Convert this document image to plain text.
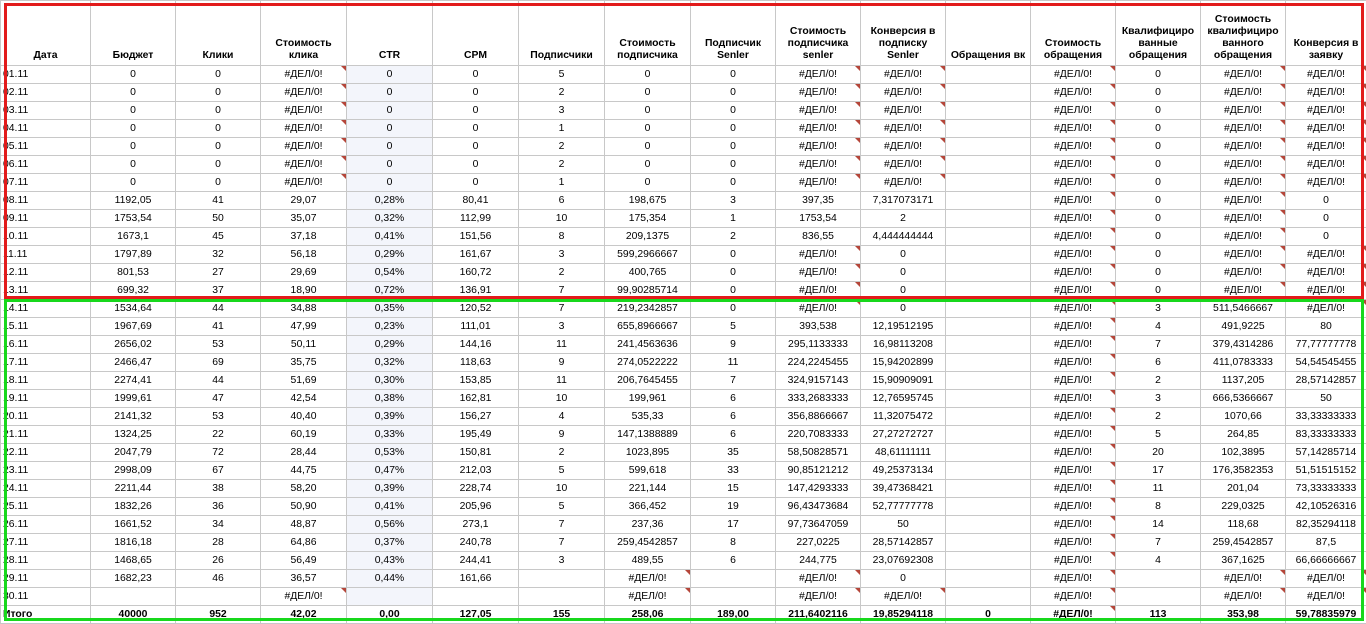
Дата	Бюджет	Клики	Стоимость клика	CTR	CPM	Подписчики	Стоимость подписчика	Подписчик Senler	Стоимость подписчика senler	Конверсия в подписку Senler	Обращения вк	Стоимость обращения	Квалифициро ванные обращения	Стоимость квалифициро ванного обращения	Конверсия в заявку
01.11	0	0	#ДЕЛ/0!	0	0	5	0	0	#ДЕЛ/0!	#ДЕЛ/0!		#ДЕЛ/0!	0	#ДЕЛ/0!	#ДЕЛ/0!
02.11	0	0	#ДЕЛ/0!	0	0	2	0	0	#ДЕЛ/0!	#ДЕЛ/0!		#ДЕЛ/0!	0	#ДЕЛ/0!	#ДЕЛ/0!
03.11	0	0	#ДЕЛ/0!	0	0	3	0	0	#ДЕЛ/0!	#ДЕЛ/0!		#ДЕЛ/0!	0	#ДЕЛ/0!	#ДЕЛ/0!
04.11	0	0	#ДЕЛ/0!	0	0	1	0	0	#ДЕЛ/0!	#ДЕЛ/0!		#ДЕЛ/0!	0	#ДЕЛ/0!	#ДЕЛ/0!
05.11	0	0	#ДЕЛ/0!	0	0	2	0	0	#ДЕЛ/0!	#ДЕЛ/0!		#ДЕЛ/0!	0	#ДЕЛ/0!	#ДЕЛ/0!
06.11	0	0	#ДЕЛ/0!	0	0	2	0	0	#ДЕЛ/0!	#ДЕЛ/0!		#ДЕЛ/0!	0	#ДЕЛ/0!	#ДЕЛ/0!
07.11	0	0	#ДЕЛ/0!	0	0	1	0	0	#ДЕЛ/0!	#ДЕЛ/0!		#ДЕЛ/0!	0	#ДЕЛ/0!	#ДЕЛ/0!
08.11	1192,05	41	29,07	0,28%	80,41	6	198,675	3	397,35	7,317073171		#ДЕЛ/0!	0	#ДЕЛ/0!	0
09.11	1753,54	50	35,07	0,32%	112,99	10	175,354	1	1753,54	2		#ДЕЛ/0!	0	#ДЕЛ/0!	0
10.11	1673,1	45	37,18	0,41%	151,56	8	209,1375	2	836,55	4,444444444		#ДЕЛ/0!	0	#ДЕЛ/0!	0
11.11	1797,89	32	56,18	0,29%	161,67	3	599,2966667	0	#ДЕЛ/0!	0		#ДЕЛ/0!	0	#ДЕЛ/0!	#ДЕЛ/0!
12.11	801,53	27	29,69	0,54%	160,72	2	400,765	0	#ДЕЛ/0!	0		#ДЕЛ/0!	0	#ДЕЛ/0!	#ДЕЛ/0!
13.11	699,32	37	18,90	0,72%	136,91	7	99,90285714	0	#ДЕЛ/0!	0		#ДЕЛ/0!	0	#ДЕЛ/0!	#ДЕЛ/0!
14.11	1534,64	44	34,88	0,35%	120,52	7	219,2342857	0	#ДЕЛ/0!	0		#ДЕЛ/0!	3	511,5466667	#ДЕЛ/0!
15.11	1967,69	41	47,99	0,23%	111,01	3	655,8966667	5	393,538	12,19512195		#ДЕЛ/0!	4	491,9225	80
16.11	2656,02	53	50,11	0,29%	144,16	11	241,4563636	9	295,1133333	16,98113208		#ДЕЛ/0!	7	379,4314286	77,77777778
17.11	2466,47	69	35,75	0,32%	118,63	9	274,0522222	11	224,2245455	15,94202899		#ДЕЛ/0!	6	411,0783333	54,54545455
18.11	2274,41	44	51,69	0,30%	153,85	11	206,7645455	7	324,9157143	15,90909091		#ДЕЛ/0!	2	1137,205	28,57142857
19.11	1999,61	47	42,54	0,38%	162,81	10	199,961	6	333,2683333	12,76595745		#ДЕЛ/0!	3	666,5366667	50
20.11	2141,32	53	40,40	0,39%	156,27	4	535,33	6	356,8866667	11,32075472		#ДЕЛ/0!	2	1070,66	33,33333333
21.11	1324,25	22	60,19	0,33%	195,49	9	147,1388889	6	220,7083333	27,27272727		#ДЕЛ/0!	5	264,85	83,33333333
22.11	2047,79	72	28,44	0,53%	150,81	2	1023,895	35	58,50828571	48,61111111		#ДЕЛ/0!	20	102,3895	57,14285714
23.11	2998,09	67	44,75	0,47%	212,03	5	599,618	33	90,85121212	49,25373134		#ДЕЛ/0!	17	176,3582353	51,51515152
24.11	2211,44	38	58,20	0,39%	228,74	10	221,144	15	147,4293333	39,47368421		#ДЕЛ/0!	11	201,04	73,33333333
25.11	1832,26	36	50,90	0,41%	205,96	5	366,452	19	96,43473684	52,77777778		#ДЕЛ/0!	8	229,0325	42,10526316
26.11	1661,52	34	48,87	0,56%	273,1	7	237,36	17	97,73647059	50		#ДЕЛ/0!	14	118,68	82,35294118
27.11	1816,18	28	64,86	0,37%	240,78	7	259,4542857	8	227,0225	28,57142857		#ДЕЛ/0!	7	259,4542857	87,5
28.11	1468,65	26	56,49	0,43%	244,41	3	489,55	6	244,775	23,07692308		#ДЕЛ/0!	4	367,1625	66,66666667
29.11	1682,23	46	36,57	0,44%	161,66		#ДЕЛ/0!		#ДЕЛ/0!	0		#ДЕЛ/0!		#ДЕЛ/0!	#ДЕЛ/0!
30.11			#ДЕЛ/0!				#ДЕЛ/0!		#ДЕЛ/0!	#ДЕЛ/0!		#ДЕЛ/0!		#ДЕЛ/0!	#ДЕЛ/0!
Итого	40000	952	42,02	0,00	127,05	155	258,06	189,00	211,6402116	19,85294118	0	#ДЕЛ/0!	113	353,98	59,78835979
